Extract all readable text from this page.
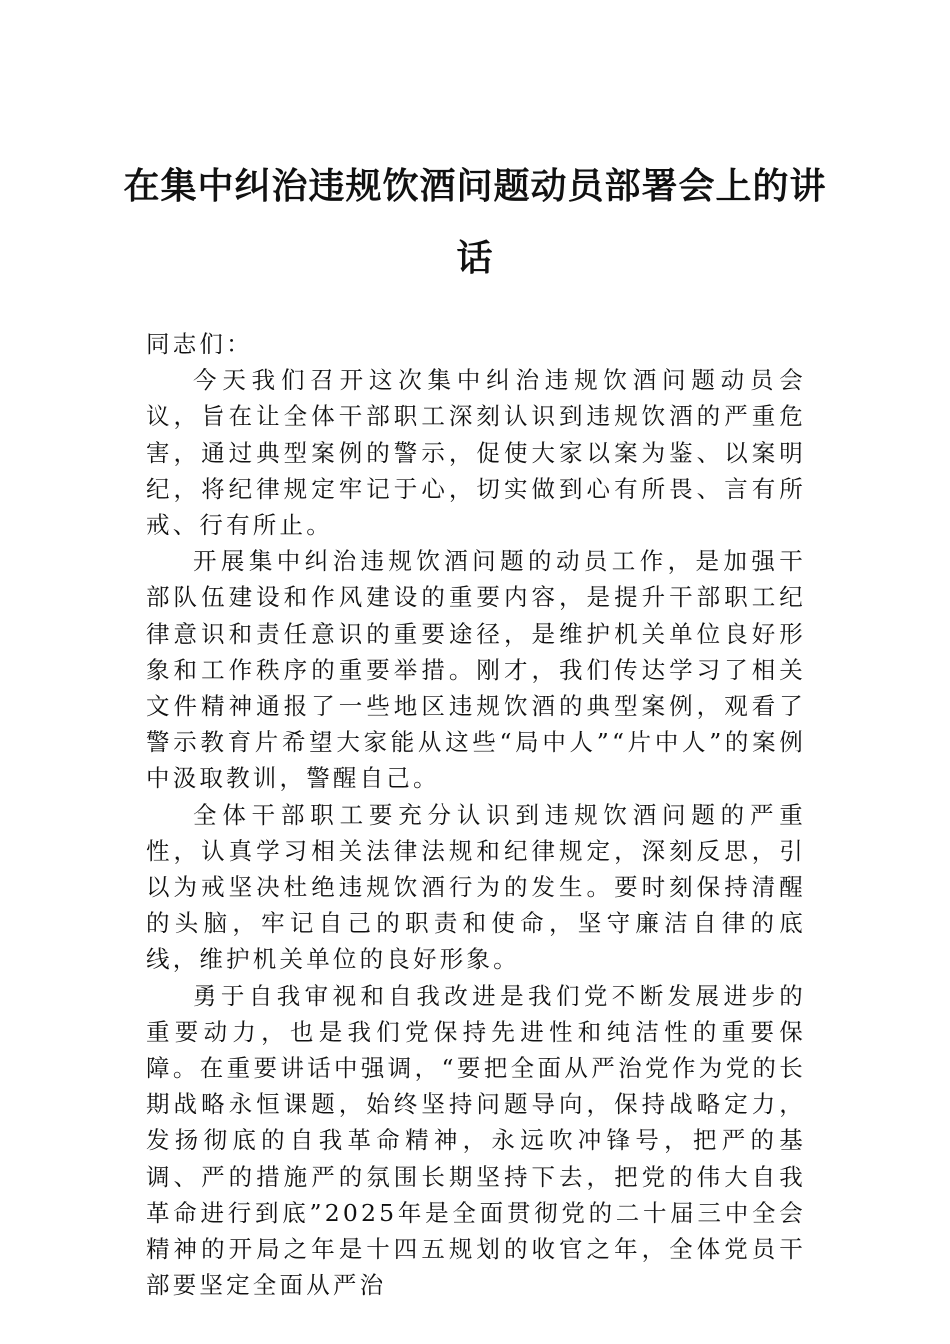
在集中纠治违规饮酒问题动员部署会上的讲话

同志们：

今天我们召开这次集中纠治违规饮酒问题动员会议，旨在让全体干部职工深刻认识到违规饮酒的严重危害，通过典型案例的警示，促使大家以案为鉴、以案明纪，将纪律规定牢记于心，切实做到心有所畏、言有所戒、行有所止。

开展集中纠治违规饮酒问题的动员工作，是加强干部队伍建设和作风建设的重要内容，是提升干部职工纪律意识和责任意识的重要途径，是维护机关单位良好形象和工作秩序的重要举措。刚才，我们传达学习了相关文件精神通报了一些地区违规饮酒的典型案例，观看了警示教育片希望大家能从这些“局中人”“片中人”的案例中汲取教训，警醒自己。

全体干部职工要充分认识到违规饮酒问题的严重性，认真学习相关法律法规和纪律规定，深刻反思，引以为戒坚决杜绝违规饮酒行为的发生。要时刻保持清醒的头脑，牢记自己的职责和使命，坚守廉洁自律的底线，维护机关单位的良好形象。

勇于自我审视和自我改进是我们党不断发展进步的重要动力，也是我们党保持先进性和纯洁性的重要保障。在重要讲话中强调，“要把全面从严治党作为党的长期战略永恒课题，始终坚持问题导向，保持战略定力，发扬彻底的自我革命精神，永远吹冲锋号，把严的基调、严的措施严的氛围长期坚持下去，把党的伟大自我革命进行到底”2025年是全面贯彻党的二十届三中全会精神的开局之年是十四五规划的收官之年，全体党员干部要坚定全面从严治
